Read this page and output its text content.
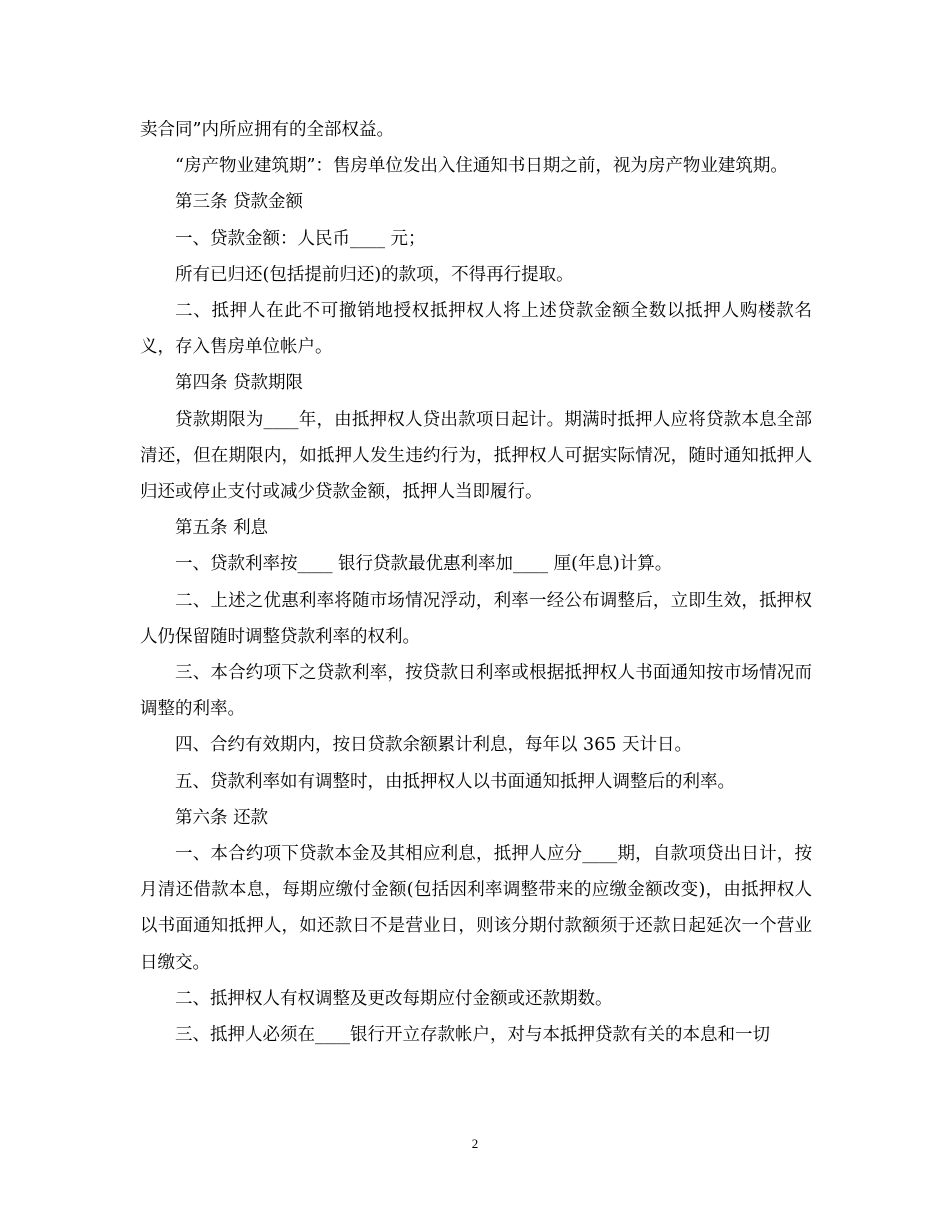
卖合同”内所应拥有的全部权益。

“房产物业建筑期”：售房单位发出入住通知书日期之前，视为房产物业建筑期。

第三条 贷款金额

一、贷款金额：人民币____ 元；

所有已归还(包括提前归还)的款项，不得再行提取。

二、抵押人在此不可撤销地授权抵押权人将上述贷款金额全数以抵押人购楼款名义，存入售房单位帐户。

第四条 贷款期限

贷款期限为____年，由抵押权人贷出款项日起计。期满时抵押人应将贷款本息全部清还，但在期限内，如抵押人发生违约行为，抵押权人可据实际情况，随时通知抵押人归还或停止支付或减少贷款金额，抵押人当即履行。

第五条 利息

一、贷款利率按____ 银行贷款最优惠利率加____ 厘(年息)计算。

二、上述之优惠利率将随市场情况浮动，利率一经公布调整后，立即生效，抵押权人仍保留随时调整贷款利率的权利。

三、本合约项下之贷款利率，按贷款日利率或根据抵押权人书面通知按市场情况而调整的利率。

四、合约有效期内，按日贷款余额累计利息，每年以 365 天计日。

五、贷款利率如有调整时，由抵押权人以书面通知抵押人调整后的利率。

第六条 还款

一、本合约项下贷款本金及其相应利息，抵押人应分____期，自款项贷出日计，按月清还借款本息，每期应缴付金额(包括因利率调整带来的应缴金额改变)，由抵押权人以书面通知抵押人，如还款日不是营业日，则该分期付款额须于还款日起延次一个营业日缴交。

二、抵押权人有权调整及更改每期应付金额或还款期数。

三、抵押人必须在____银行开立存款帐户，对与本抵押贷款有关的本息和一切

2
